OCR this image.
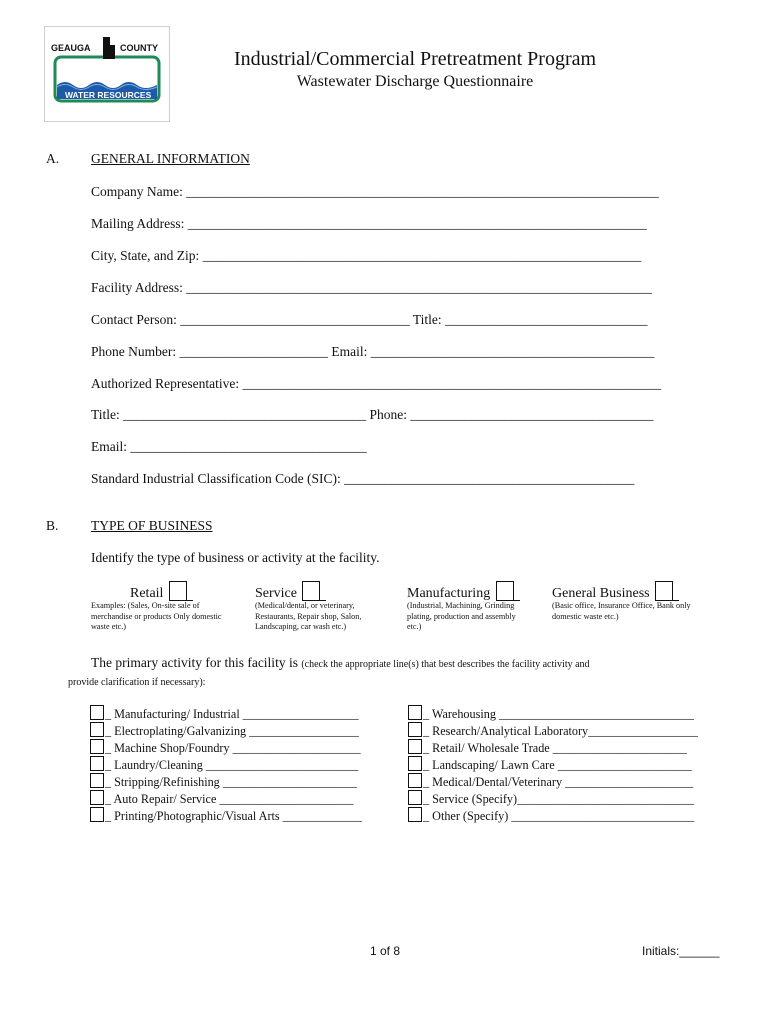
GEAUGA	COUNTY
WATER RESOURCES
Industrial/Commercial Pretreatment Program
Wastewater Discharge Questionnaire
A. GENERAL INFORMATION
Company Name: ______________________________________________________________________
Mailing Address: ____________________________________________________________________
City, State, and Zip: _________________________________________________________________
Facility Address: _____________________________________________________________________
Contact Person: __________________________________ Title: ______________________________
Phone Number: ______________________ Email: __________________________________________
Authorized Representative: ______________________________________________________________
Title: ____________________________________ Phone: ____________________________________
Email: ___________________________________
Standard Industrial Classification Code (SIC): ___________________________________________
B. TYPE OF BUSINESS
Identify the type of business or activity at the facility.
Retail	Service	Manufacturing	General Business
Examples: (Sales, On-site sale of merchandise or products Only domestic waste etc.)
(Medical/dental, or veterinary, Restaurants, Repair shop, Salon, Landscaping, car wash etc.)
(Industrial, Machining, Grinding plating, production and assembly etc.)
(Basic office, Insurance Office, Bank only domestic waste etc.)
The primary activity for this facility is (check the appropriate line(s) that best describes the facility activity and
provide clarification if necessary):
_ Manufacturing/ Industrial ___________________
_ Electroplating/Galvanizing __________________
_ Machine Shop/Foundry _____________________
_ Laundry/Cleaning _________________________
_ Stripping/Refinishing ______________________
_ Auto Repair/ Service ______________________
_ Printing/Photographic/Visual Arts _____________
_ Warehousing ________________________________
_ Research/Analytical Laboratory__________________
_ Retail/ Wholesale Trade ______________________
_ Landscaping/ Lawn Care ______________________
_ Medical/Dental/Veterinary _____________________
_ Service (Specify)_____________________________
_ Other (Specify) ______________________________
1 of 8	Initials:______
